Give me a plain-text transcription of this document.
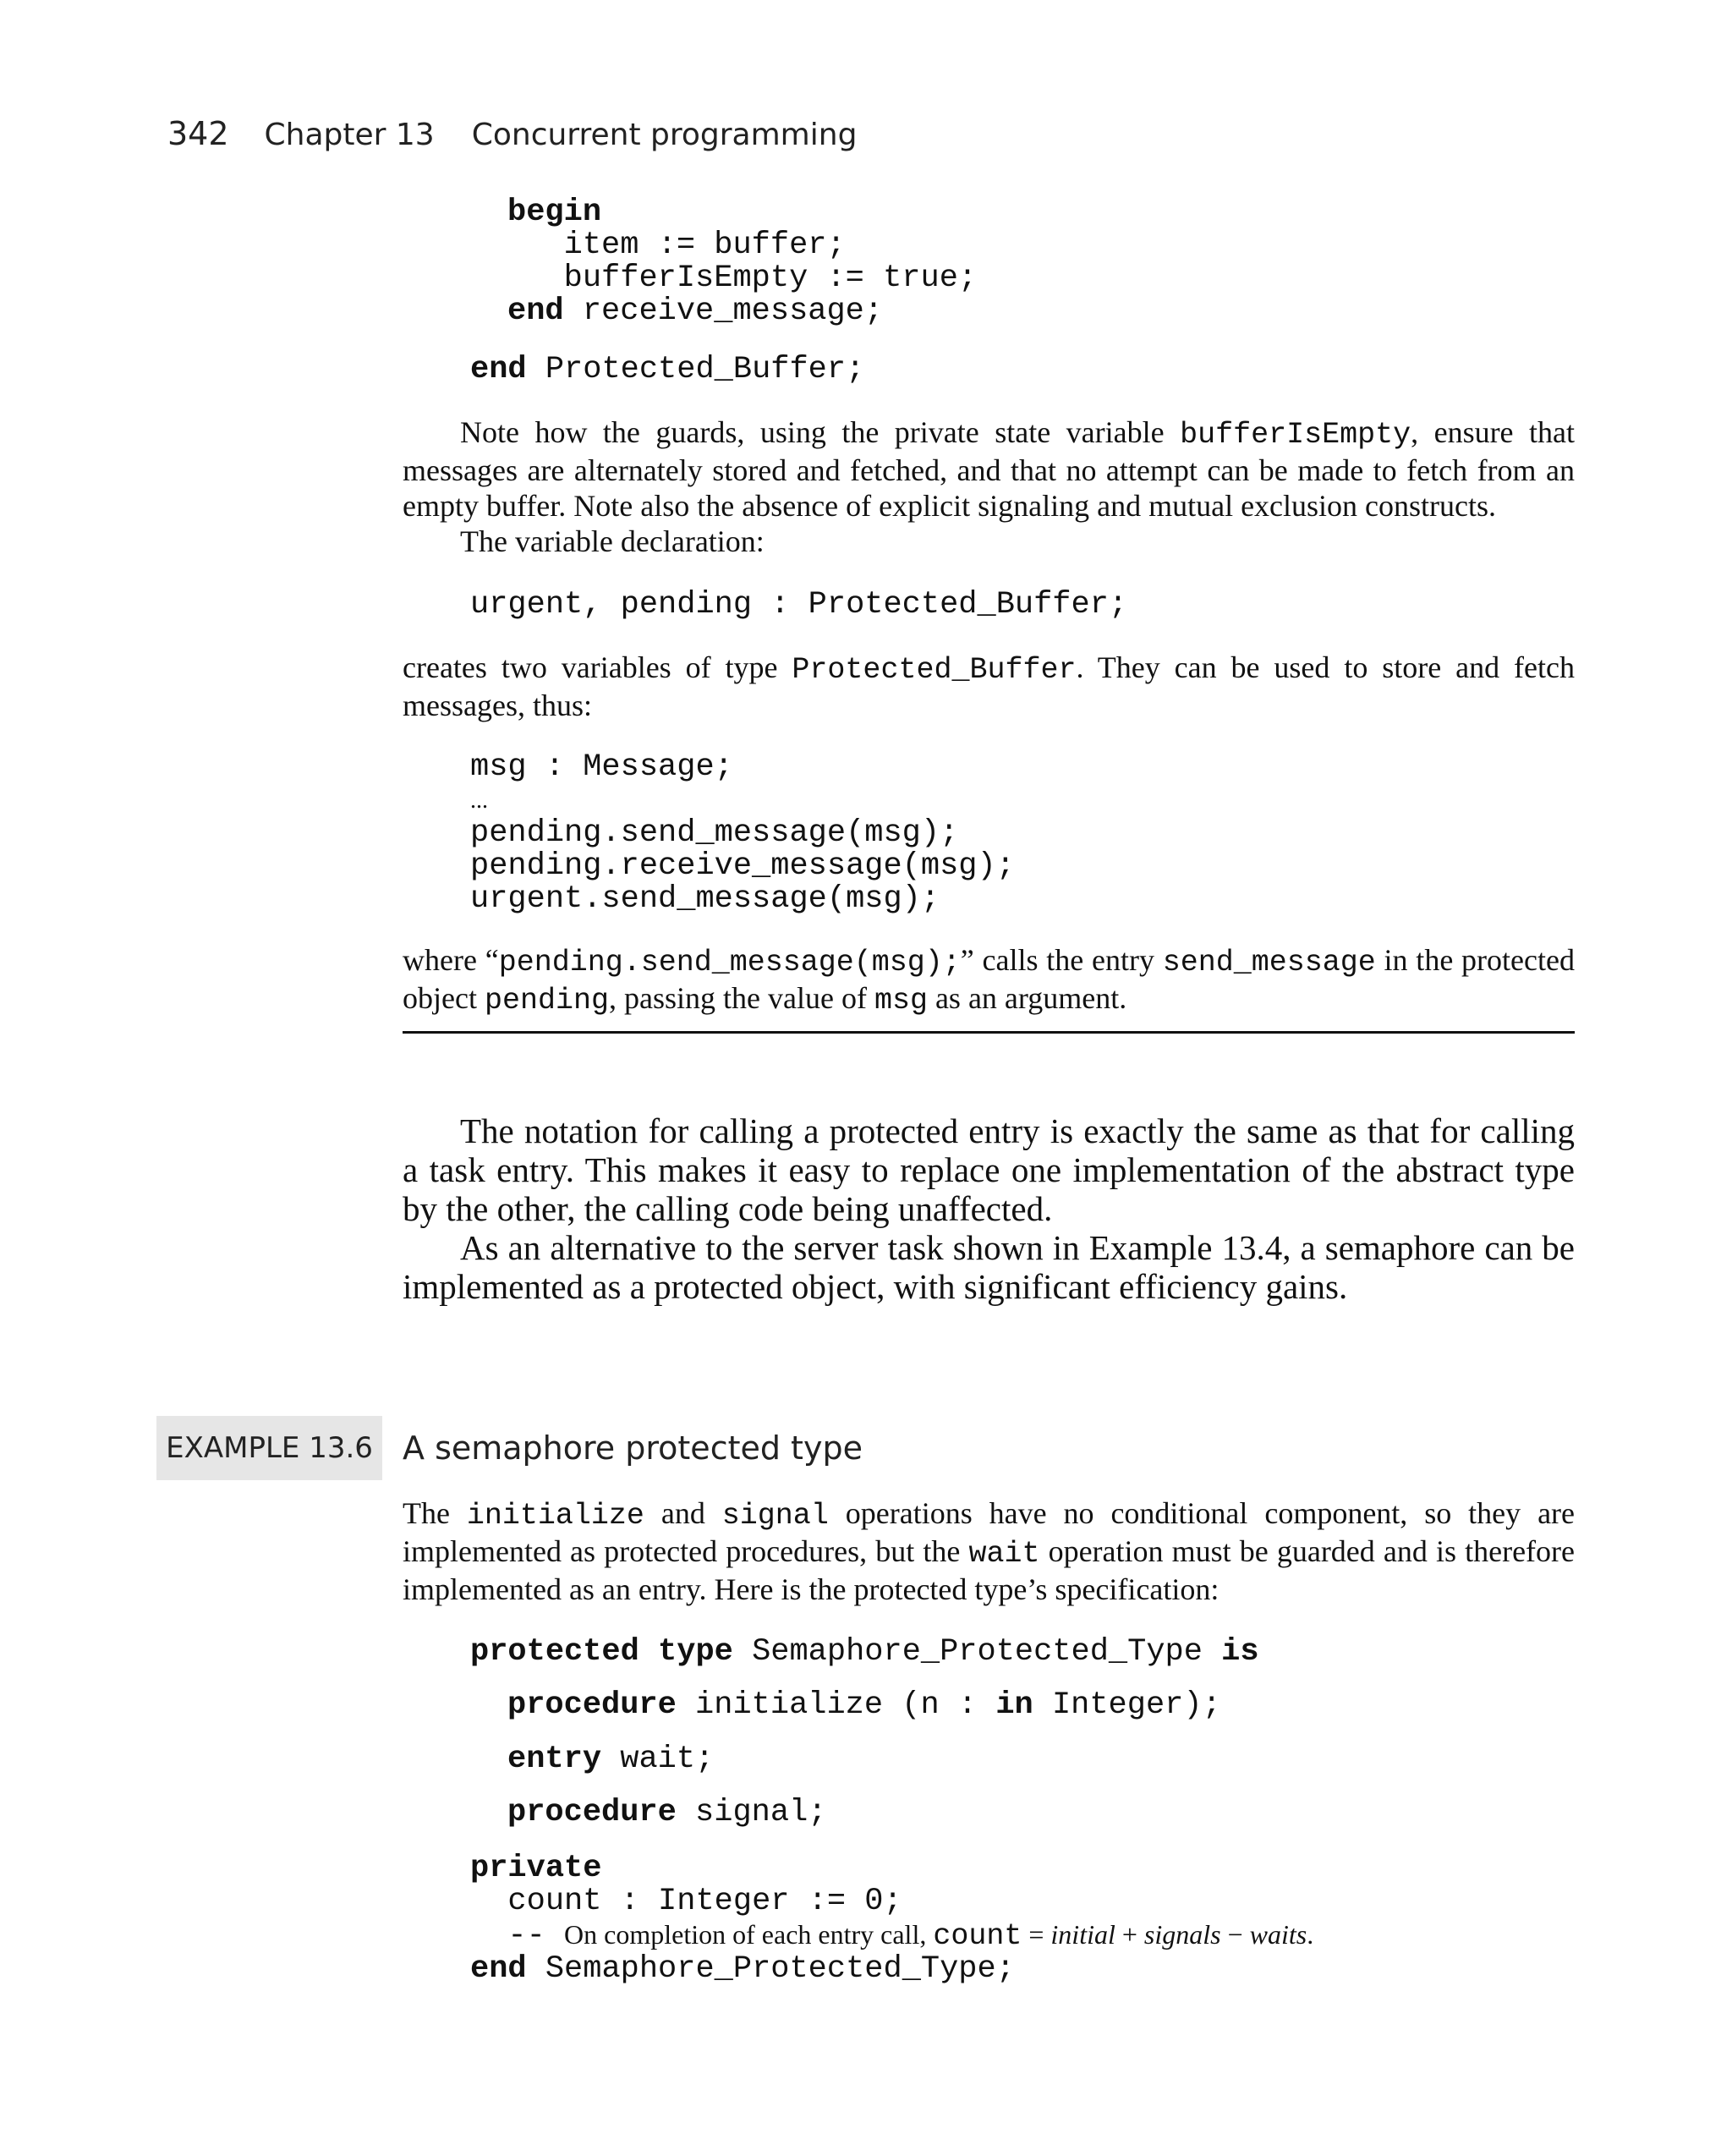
342 Chapter 13 Concurrent programming
begin
item := buffer;
bufferIsEmpty := true;
end receive_message;
end Protected_Buffer;

Note how the guards, using the private state variable bufferIsEmpty, ensure that messages are alternately stored and fetched, and that no attempt can be made to fetch from an empty buffer. Note also the absence of explicit signaling and mutual exclusion constructs.

The variable declaration:

urgent, pending : Protected_Buffer;

creates two variables of type Protected_Buffer. They can be used to store and fetch messages, thus:

msg : Message;
...
pending.send_message(msg);
pending.receive_message(msg);
urgent.send_message(msg);

where “pending.send_message(msg);” calls the entry send_message in the protected object pending, passing the value of msg as an argument.

The notation for calling a protected entry is exactly the same as that for calling a task entry. This makes it easy to replace one implementation of the abstract type by the other, the calling code being unaffected.

As an alternative to the server task shown in Example 13.4, a semaphore can be implemented as a protected object, with significant efficiency gains.

EXAMPLE 13.6 A semaphore protected type

The initialize and signal operations have no conditional component, so they are implemented as protected procedures, but the wait operation must be guarded and is therefore implemented as an entry. Here is the protected type’s specification:

protected type Semaphore_Protected_Type is
procedure initialize (n : in Integer);
entry wait;
procedure signal;
private
count : Integer := 0;
-- On completion of each entry call, count = initial + signals − waits.
end Semaphore_Protected_Type;
